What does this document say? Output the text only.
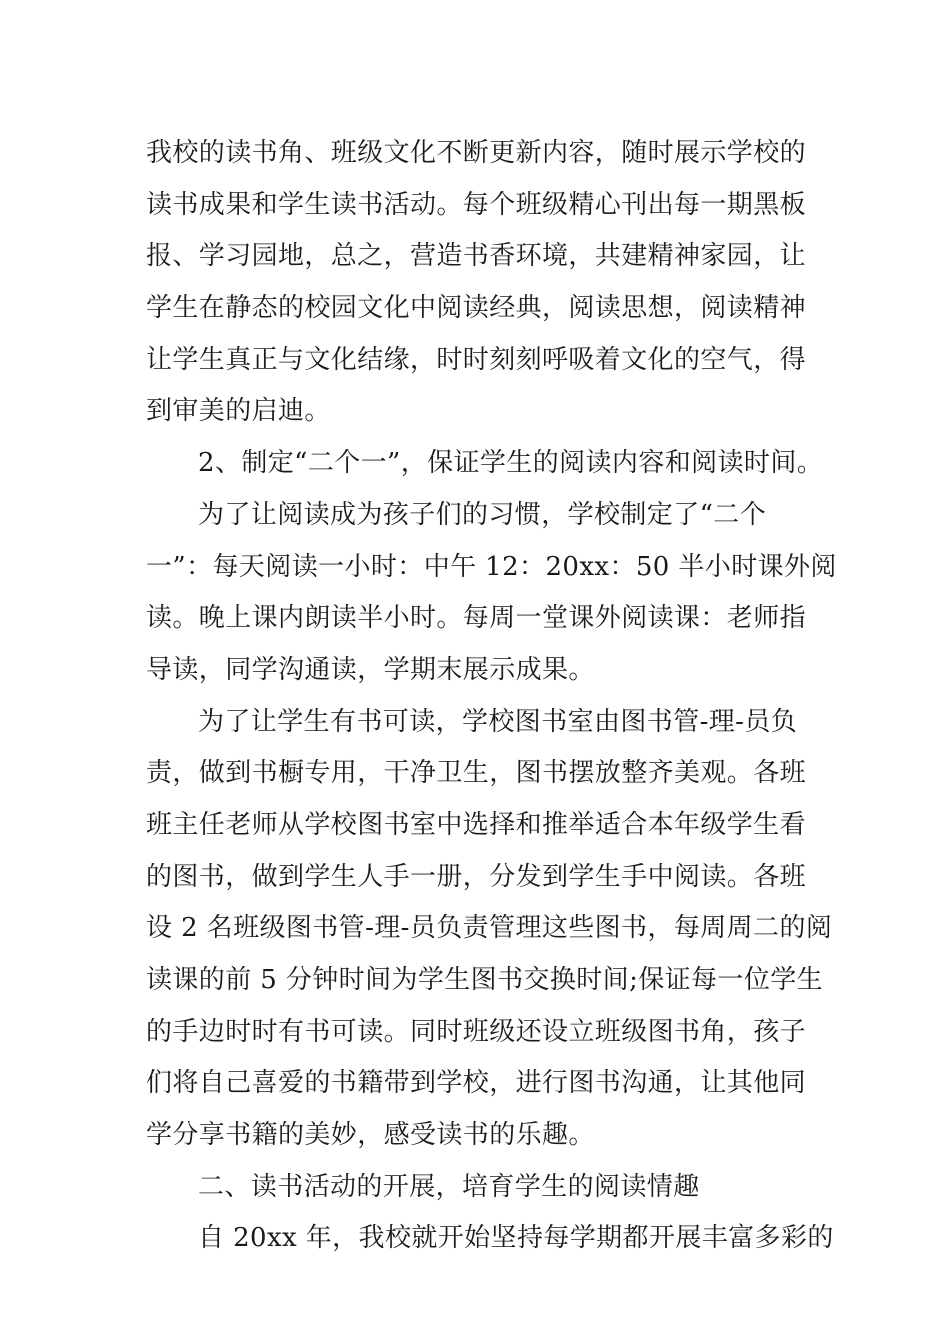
我校的读书角、班级文化不断更新内容，随时展示学校的
读书成果和学生读书活动。每个班级精心刊出每一期黑板
报、学习园地，总之，营造书香环境，共建精神家园，让
学生在静态的校园文化中阅读经典，阅读思想，阅读精神
让学生真正与文化结缘，时时刻刻呼吸着文化的空气，得
到审美的启迪。
2、制定“二个一”，保证学生的阅读内容和阅读时间。
为了让阅读成为孩子们的习惯，学校制定了“二个
一”：每天阅读一小时：中午 12：20xx：50 半小时课外阅
读。晚上课内朗读半小时。每周一堂课外阅读课：老师指
导读，同学沟通读，学期末展示成果。
为了让学生有书可读，学校图书室由图书管-理-员负
责，做到书橱专用，干净卫生，图书摆放整齐美观。各班
班主任老师从学校图书室中选择和推举适合本年级学生看
的图书，做到学生人手一册，分发到学生手中阅读。各班
设 2 名班级图书管-理-员负责管理这些图书，每周周二的阅
读课的前 5 分钟时间为学生图书交换时间;保证每一位学生
的手边时时有书可读。同时班级还设立班级图书角，孩子
们将自己喜爱的书籍带到学校，进行图书沟通，让其他同
学分享书籍的美妙，感受读书的乐趣。
二、读书活动的开展，培育学生的阅读情趣
自 20xx 年，我校就开始坚持每学期都开展丰富多彩的
